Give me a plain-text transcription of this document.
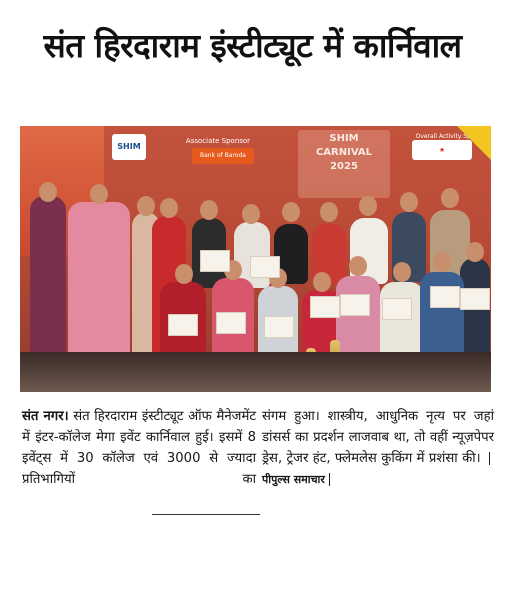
संत हिरदाराम इंस्टीट्यूट में कार्निवाल
SHIM
Associate Sponsor
Bank of Baroda
SHIM
CARNIVAL
2025
Overall Activity Spon
★
संत नगर। संत हिरदाराम इंस्टीट्यूट ऑफ मैनेजमेंट में इंटर-कॉलेज मेगा इवेंट कार्निवाल हुई। इसमें 8 इवेंट्स में 30 कॉलेज एवं 3000 से ज्यादा प्रतिभागियों का
संगम हुआ। शास्त्रीय, आधुनिक नृत्य पर जहां डांसर्स का प्रदर्शन लाजवाब था, तो वहीं न्यूज़पेपर ड्रेस, ट्रेजर हंट, फ्लेमलेस कुकिंग में प्रशंसा की। पीपुल्स समाचार
